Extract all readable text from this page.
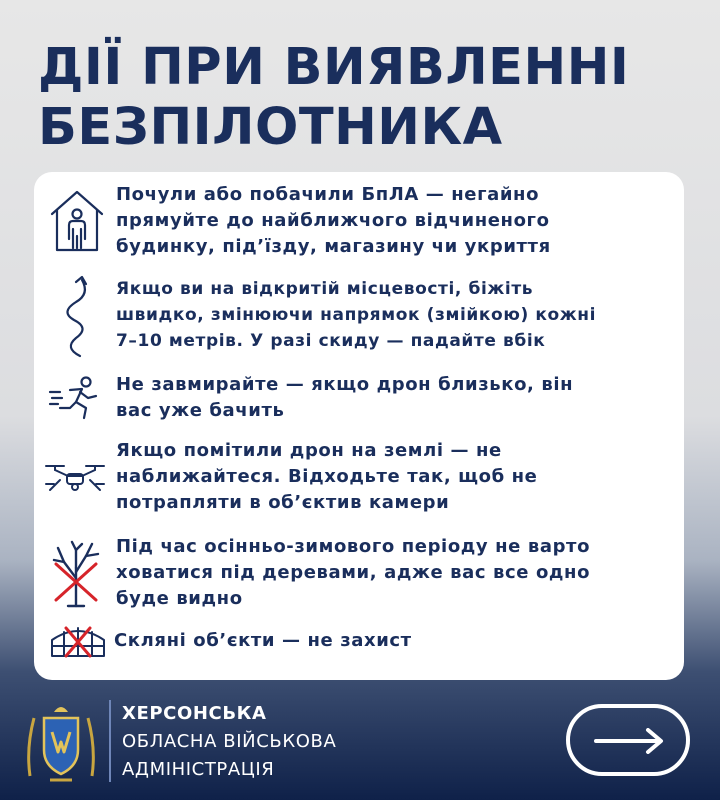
ДІЇ ПРИ ВИЯВЛЕННІ
БЕЗПІЛОТНИКА
Почули або побачили БпЛА — негайно
прямуйте до найближчого відчиненого
будинку, під’їзду, магазину чи укриття
Якщо ви на відкритій місцевості, біжіть
швидко, змінюючи напрямок (змійкою) кожні
7–10 метрів. У разі скиду — падайте вбік
Не завмирайте — якщо дрон близько, він
вас уже бачить
Якщо помітили дрон на землі — не
наближайтеся. Відходьте так, щоб не
потрапляти в об’єктив камери
Під час осінньо-зимового періоду не варто
ховатися під деревами, адже вас все одно
буде видно
Скляні об’єкти — не захист
ХЕРСОНСЬКА
ОБЛАСНА ВІЙСЬКОВА
АДМІНІСТРАЦІЯ
